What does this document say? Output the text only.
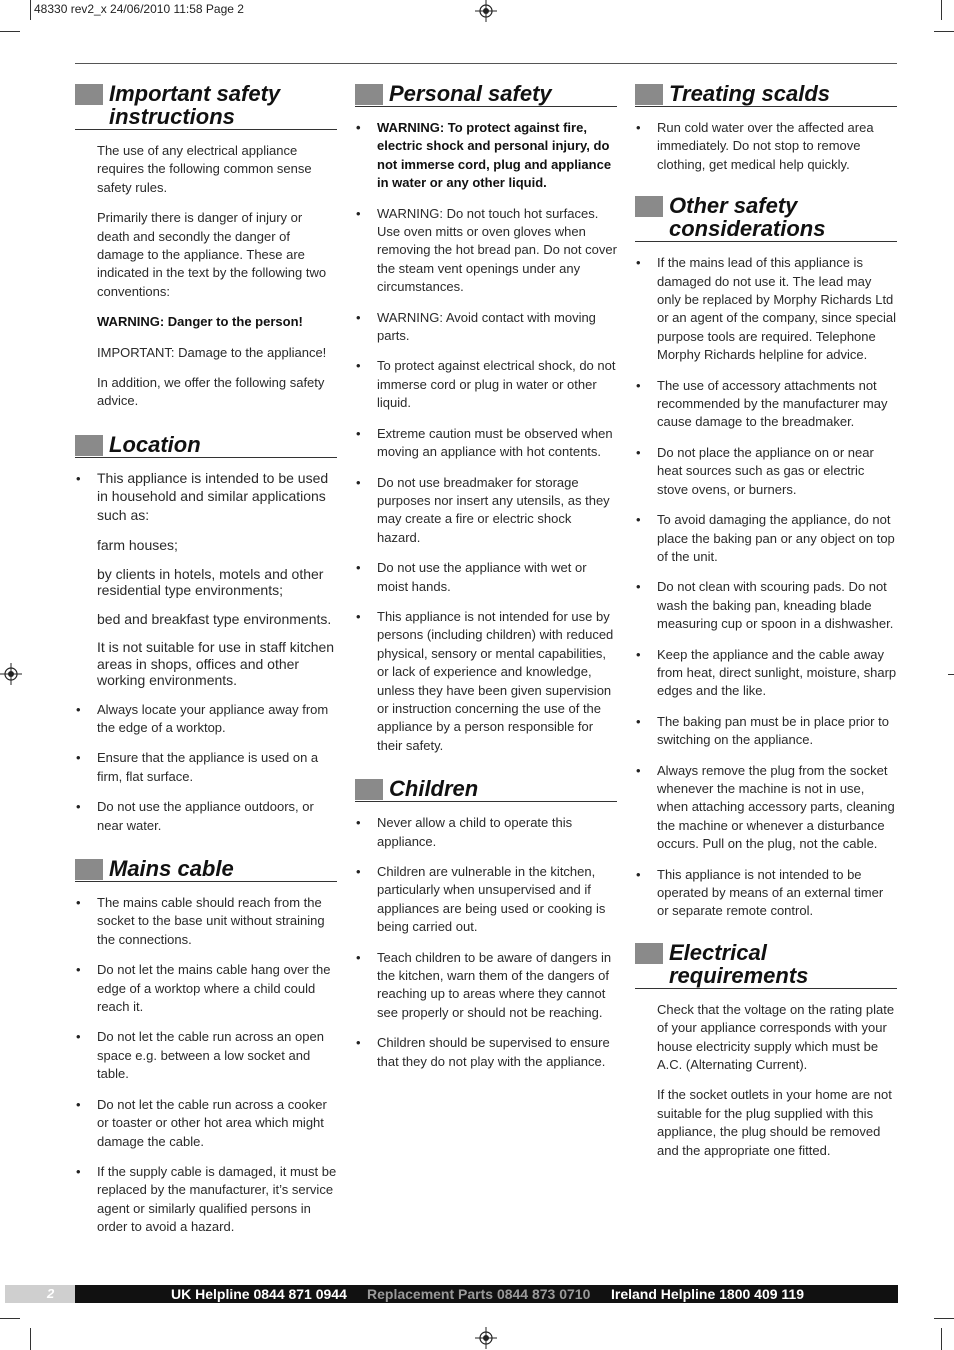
48330 rev2_x 24/06/2010 11:58 Page 2
Important safety instructions

The use of any electrical appliance requires the following common sense safety rules.

Primarily there is danger of injury or death and secondly the danger of damage to the appliance. These are indicated in the text by the following two conventions:

WARNING: Danger to the person!

IMPORTANT: Damage to the appliance!

In addition, we offer the following safety advice.

Location
• This appliance is intended to be used in household and similar applications such as:

farm houses;

by clients in hotels, motels and other residential type environments;

bed and breakfast type environments.

It is not suitable for use in staff kitchen areas in shops, offices and other working environments.

• Always locate your appliance away from the edge of a worktop.
• Ensure that the appliance is used on a firm, flat surface.
• Do not use the appliance outdoors, or near water.
Mains cable
• The mains cable should reach from the socket to the base unit without straining the connections.
• Do not let the mains cable hang over the edge of a worktop where a child could reach it.
• Do not let the cable run across an open space e.g. between a low socket and table.
• Do not let the cable run across a cooker or toaster or other hot area which might damage the cable.
• If the supply cable is damaged, it must be replaced by the manufacturer, it’s service agent or similarly qualified persons in order to avoid a hazard.
Personal safety
• WARNING: To protect against fire, electric shock and personal injury, do not immerse cord, plug and appliance in water or any other liquid.
• WARNING: Do not touch hot surfaces. Use oven mitts or oven gloves when removing the hot bread pan. Do not cover the steam vent openings under any circumstances.
• WARNING: Avoid contact with moving parts.
• To protect against electrical shock, do not immerse cord or plug in water or other liquid.
• Extreme caution must be observed when moving an appliance with hot contents.
• Do not use breadmaker for storage purposes nor insert any utensils, as they may create a fire or electric shock hazard.
• Do not use the appliance with wet or moist hands.
• This appliance is not intended for use by persons (including children) with reduced physical, sensory or mental capabilities, or lack of experience and knowledge, unless they have been given supervision or instruction concerning the use of the appliance by a person responsible for their safety.
Children
• Never allow a child to operate this appliance.
• Children are vulnerable in the kitchen, particularly when unsupervised and if appliances are being used or cooking is being carried out.
• Teach children to be aware of dangers in the kitchen, warn them of the dangers of reaching up to areas where they cannot see properly or should not be reaching.
• Children should be supervised to ensure that they do not play with the appliance.
Treating scalds
• Run cold water over the affected area immediately. Do not stop to remove clothing, get medical help quickly.
Other safety considerations
• If the mains lead of this appliance is damaged do not use it. The lead may only be replaced by Morphy Richards Ltd or an agent of the company, since special purpose tools are required. Telephone Morphy Richards helpline for advice.
• The use of accessory attachments not recommended by the manufacturer may cause damage to the breadmaker.
• Do not place the appliance on or near heat sources such as gas or electric stove ovens, or burners.
• To avoid damaging the appliance, do not place the baking pan or any object on top of the unit.
• Do not clean with scouring pads. Do not wash the baking pan, kneading blade measuring cup or spoon in a dishwasher.
• Keep the appliance and the cable away from heat, direct sunlight, moisture, sharp edges and the like.
• The baking pan must be in place prior to switching on the appliance.
• Always remove the plug from the socket whenever the machine is not in use, when attaching accessory parts, cleaning the machine or whenever a disturbance occurs. Pull on the plug, not the cable.
• This appliance is not intended to be operated by means of an external timer or separate remote control.
Electrical requirements

Check that the voltage on the rating plate of your appliance corresponds with your house electricity supply which must be A.C. (Alternating Current).

If the socket outlets in your home are not suitable for the plug supplied with this appliance, the plug should be removed and the appropriate one fitted.

2	UK Helpline 0844 871 0944 Replacement Parts 0844 873 0710 Ireland Helpline 1800 409 119
